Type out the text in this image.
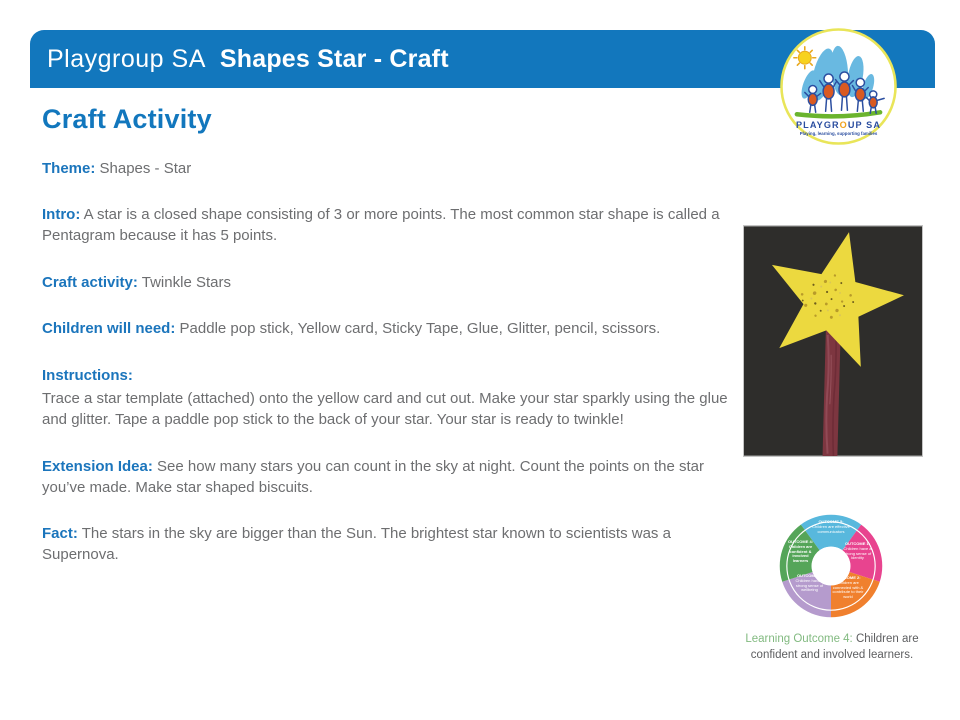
Playgroup SA Shapes Star - Craft
PLAYGROUP SA
Playing, learning, supporting families
Craft Activity

Theme: Shapes - Star

Intro: A star is a closed shape consisting of 3 or more points. The most common star shape is called a Pentagram because it has 5 points.

Craft activity: Twinkle Stars

Children will need: Paddle pop stick, Yellow card, Sticky Tape, Glue, Glitter, pencil, scissors.

Instructions:
Trace a star template (attached) onto the yellow card and cut out. Make your star sparkly using the glue and glitter. Tape a paddle pop stick to the back of your star. Your star is ready to twinkle!

Extension Idea: See how many stars you can count in the sky at night. Count the points on the star you’ve made. Make star shaped biscuits.

Fact: The stars in the sky are bigger than the Sun. The brightest star known to scientists was a Supernova.

OUTCOME 5:
Children are effective communicators
OUTCOME 1:
Children have a strong sense of identity
OUTCOME 2:
Children are connected with & contribute to their world
OUTCOME 3:
Children have a strong sense of wellbeing
OUTCOME 4:
Children are confident & involved learners
Learning Outcome 4: Children are confident and involved learners.
